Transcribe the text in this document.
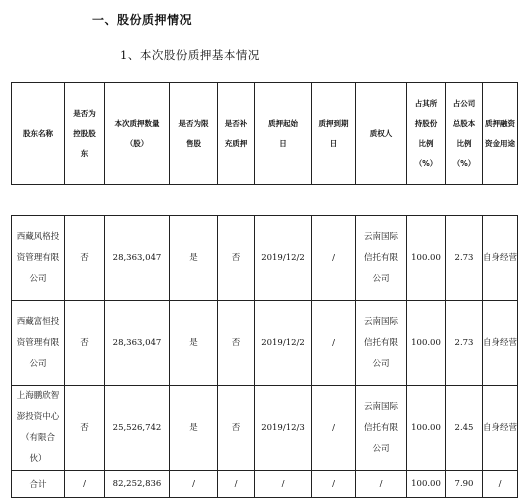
一、股份质押情况
1、本次股份质押基本情况
股东名称	是否为
控股股
东	本次质押数量
（股）	是否为限
售股	是否补
充质押	质押起始
日	质押到期
日	质权人	占其所
持股份
比例
（%）	占公司
总股本
比例
（%）	质押融资
资金用途

西藏风格投
资管理有限
公司	否	28,363,047	是	否	2019/12/2	/	云南国际
信托有限
公司	100.00	2.73	自身经营
西藏富恒投
资管理有限
公司	否	28,363,047	是	否	2019/12/2	/	云南国际
信托有限
公司	100.00	2.73	自身经营
上海鹏欣智
澎投资中心
（有限合
伙）	否	25,526,742	是	否	2019/12/3	/	云南国际
信托有限
公司	100.00	2.45	自身经营
合计	/	82,252,836	/	/	/	/	/	100.00	7.90	/
